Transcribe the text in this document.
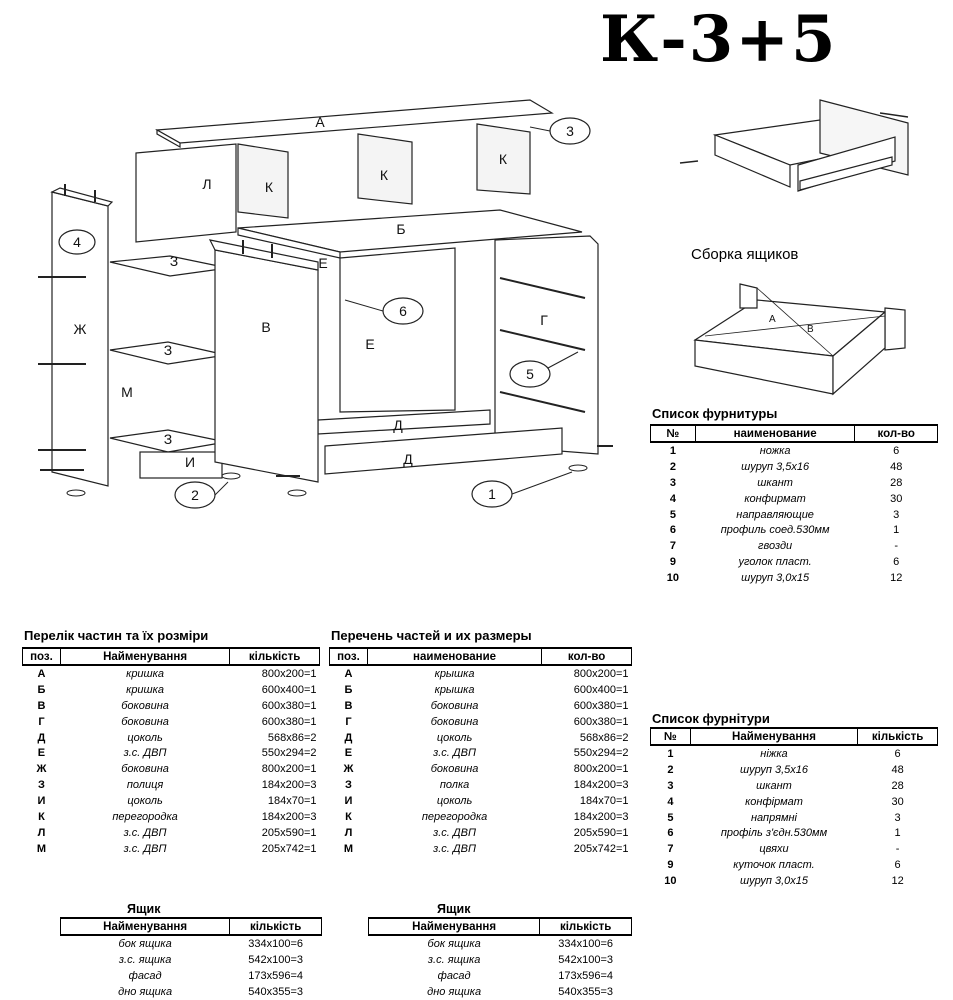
К-3+5
А
Л	К
К
К
Б
З
З
З
Ж
М
И
В
Е
Е
Г
Д
Д
4
2
3
6
5
1
Сборка ящиков
А
В
Список фурнитуры
№	наименование	кол-во
1	ножка	6
2	шуруп 3,5х16	48
3	шкант	28
4	конфирмат	30
5	направляющие	3
6	профиль соед.530мм	1
7	гвозди	-
9	уголок пласт.	6
10	шуруп 3,0х15	12
Список фурнітури
№	Найменування	кількість
1	ніжка	6
2	шуруп 3,5х16	48
3	шкант	28
4	конфірмат	30
5	напрямні	3
6	профіль з'єдн.530мм	1
7	цвяхи	-
9	куточок пласт.	6
10	шуруп 3,0х15	12
Перелік частин та їх розміри
поз.	Найменування	кількість
А	кришка	800х200=1
Б	кришка	600х400=1
В	боковина	600х380=1
Г	боковина	600х380=1
Д	цоколь	568х86=2
Е	з.с. ДВП	550х294=2
Ж	боковина	800х200=1
З	полиця	184х200=3
И	цоколь	184х70=1
К	перегородка	184х200=3
Л	з.с. ДВП	205х590=1
М	з.с. ДВП	205х742=1
Перечень частей и их размеры
поз.	наименование	кол-во
А	крышка	800х200=1
Б	крышка	600х400=1
В	боковина	600х380=1
Г	боковина	600х380=1
Д	цоколь	568х86=2
Е	з.с. ДВП	550х294=2
Ж	боковина	800х200=1
З	полка	184х200=3
И	цоколь	184х70=1
К	перегородка	184х200=3
Л	з.с. ДВП	205х590=1
М	з.с. ДВП	205х742=1
Ящик
Найменування	кількість
бок ящика	334х100=6
з.с. ящика	542х100=3
фасад	173х596=4
дно ящика	540х355=3
Ящик
Найменування	кількість
бок ящика	334х100=6
з.с. ящика	542х100=3
фасад	173х596=4
дно ящика	540х355=3
